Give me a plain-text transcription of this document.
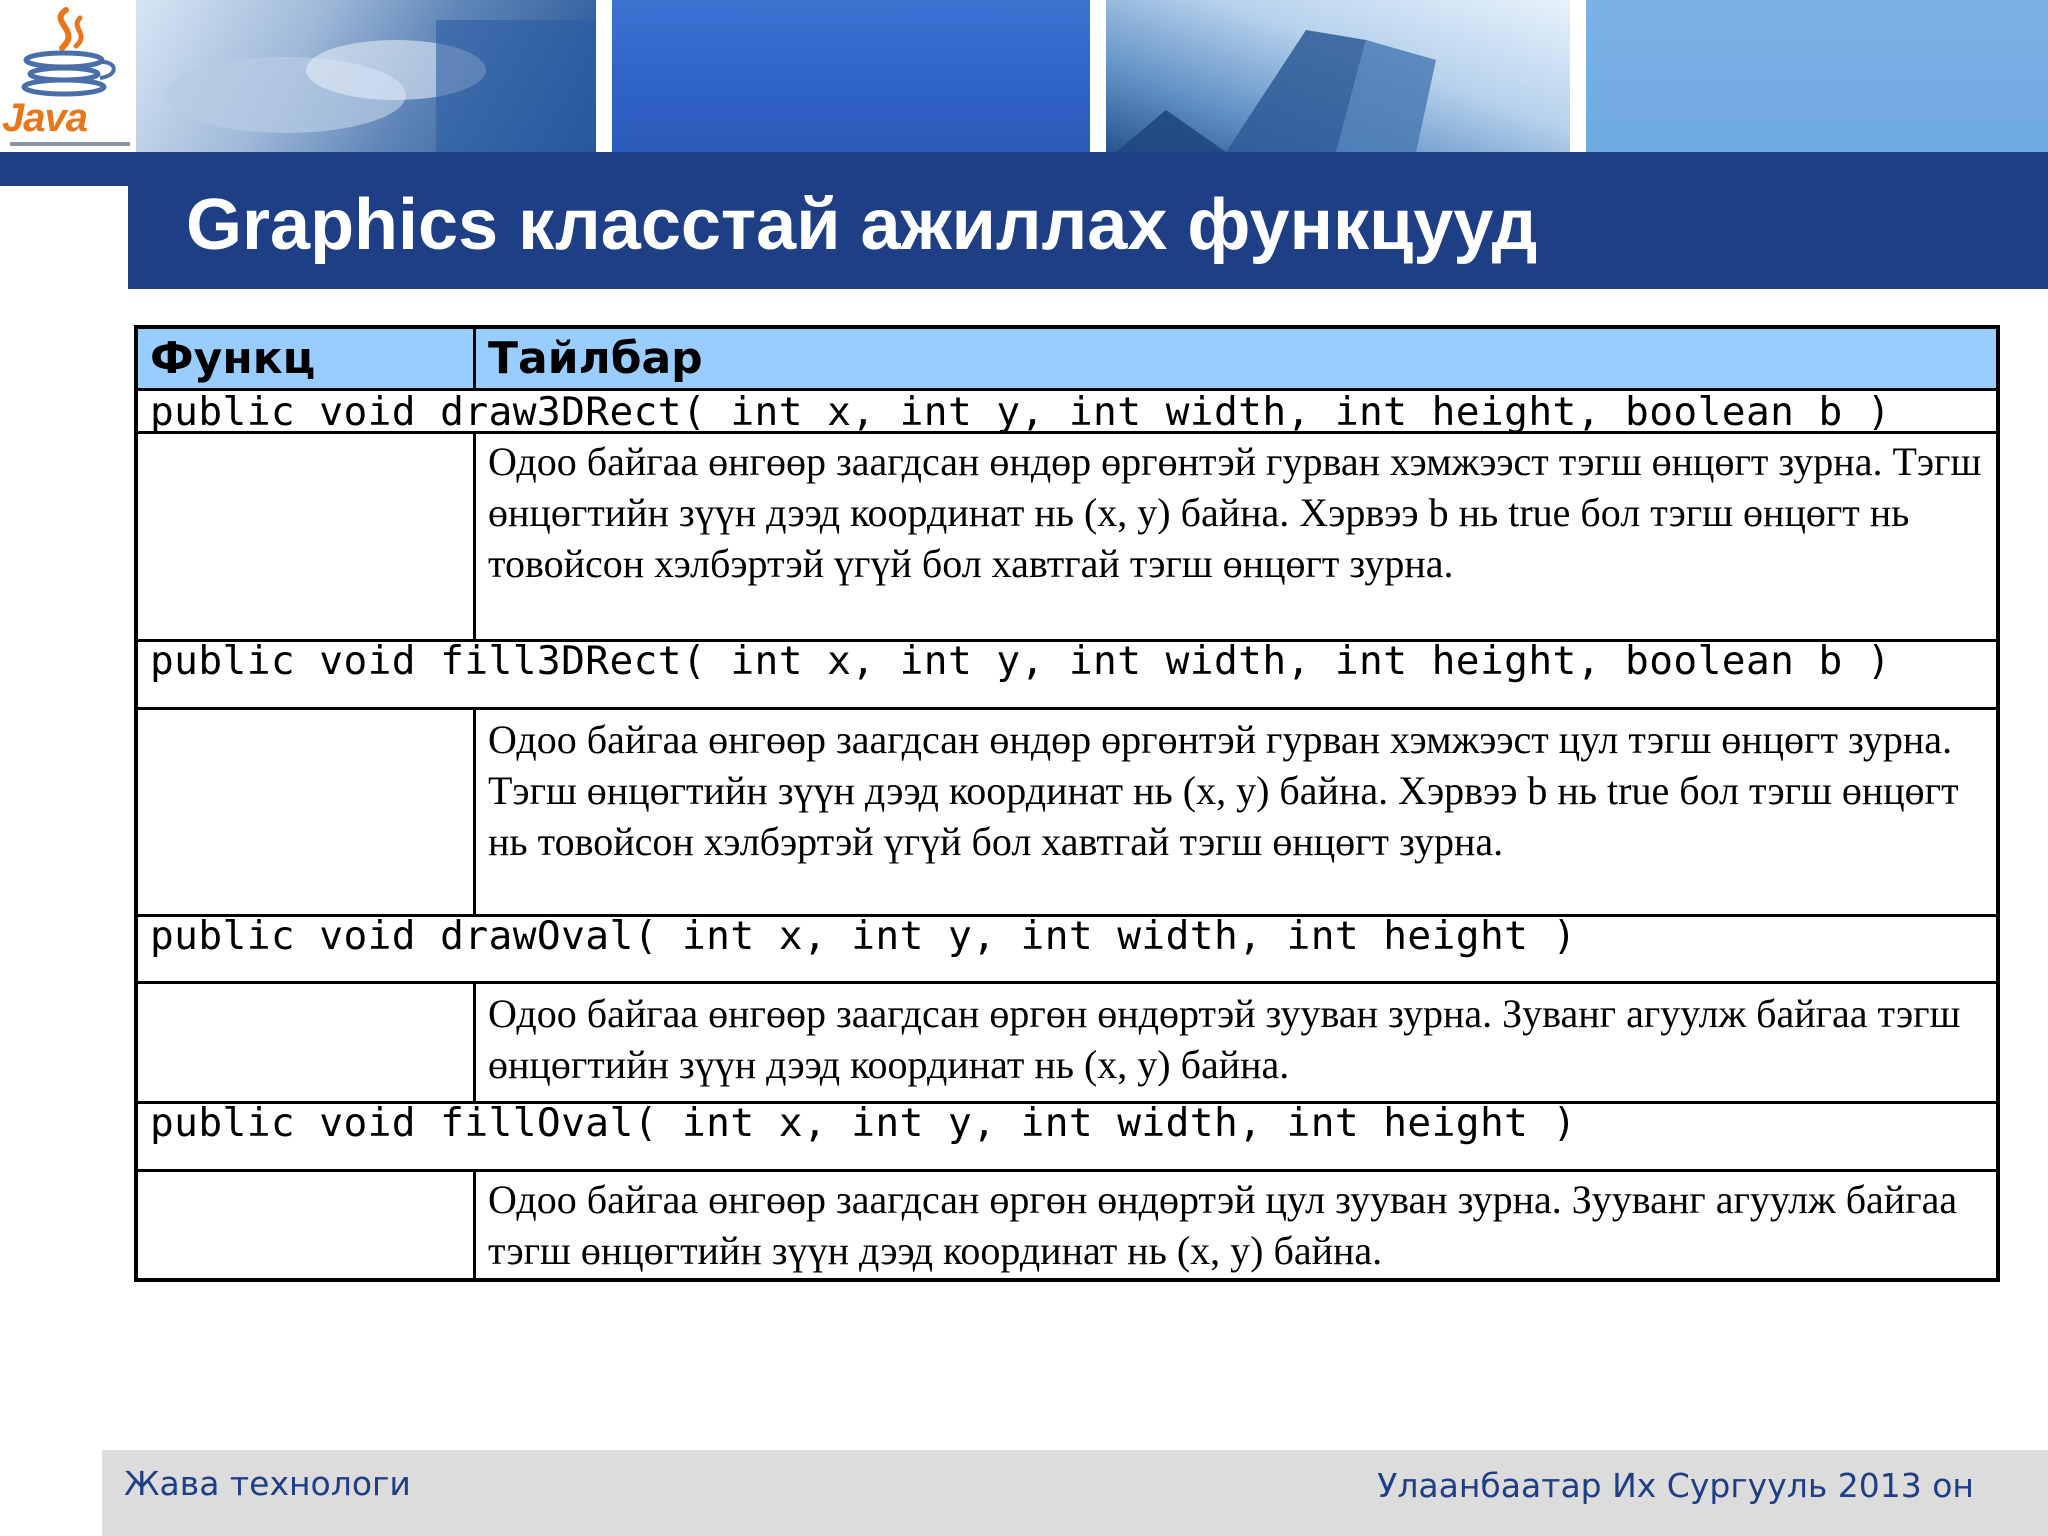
Java
Graphics класстай ажиллах функцууд
Функц	Тайлбар
public void draw3DRect( int x, int y, int width, int height, boolean b )
Одоо байгаа өнгөөр заагдсан өндөр өргөнтэй гурван хэмжээст тэгш өнцөгт зурна. Тэгш өнцөгтийн зүүн дээд координат нь (x, y) байна. Хэрвээ b нь true бол тэгш өнцөгт нь товойсон хэлбэртэй үгүй бол хавтгай тэгш өнцөгт зурна.
public void fill3DRect( int x, int y, int width, int height, boolean b )
Одоо байгаа өнгөөр заагдсан өндөр өргөнтэй гурван хэмжээст цул тэгш өнцөгт зурна. Тэгш өнцөгтийн зүүн дээд координат нь (x, y) байна. Хэрвээ b нь true бол тэгш өнцөгт нь товойсон хэлбэртэй үгүй бол хавтгай тэгш өнцөгт зурна.
public void drawOval( int x, int y, int width, int height )
Одоо байгаа өнгөөр заагдсан өргөн өндөртэй зууван зурна. Зуванг агуулж байгаа тэгш өнцөгтийн зүүн дээд координат нь (x, y) байна.
public void fillOval( int x, int y, int width, int height )
Одоо байгаа өнгөөр заагдсан өргөн өндөртэй цул зууван зурна. Зууванг агуулж байгаа тэгш өнцөгтийн зүүн дээд координат нь (x, y) байна.
Жава технологи	Улаанбаатар Их Сургууль 2013 он
